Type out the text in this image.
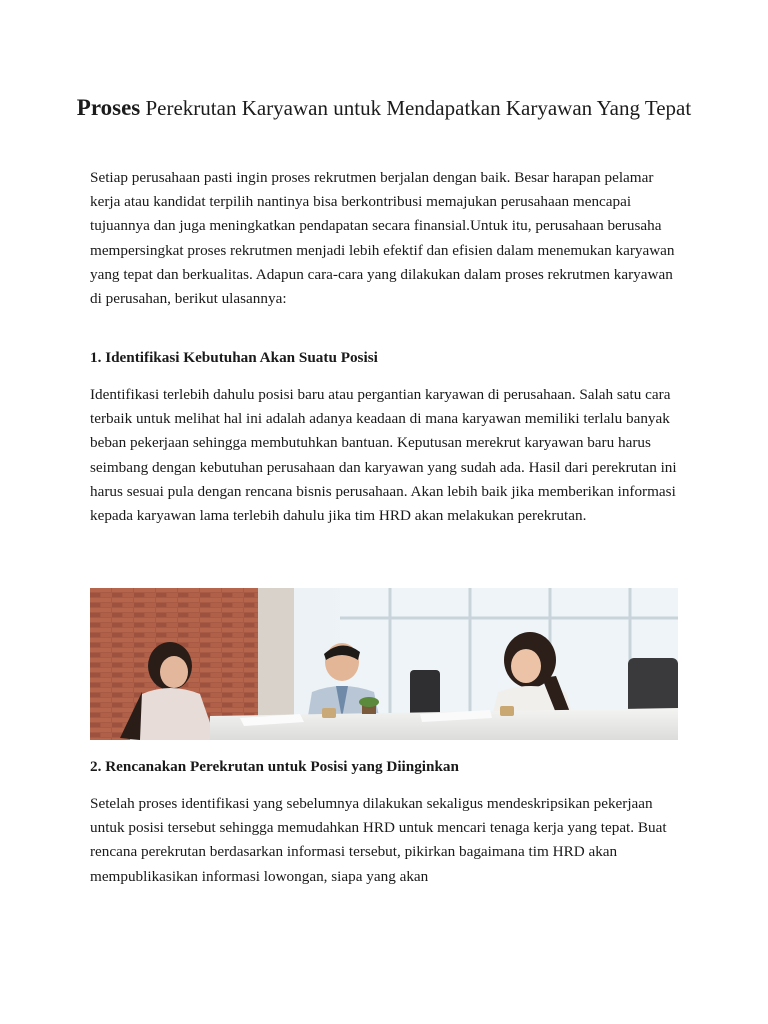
Proses Perekrutan Karyawan untuk Mendapatkan Karyawan Yang Tepat

Setiap perusahaan pasti ingin proses rekrutmen berjalan dengan baik. Besar harapan pelamar kerja atau kandidat terpilih nantinya bisa berkontribusi memajukan perusahaan mencapai tujuannya dan juga meningkatkan pendapatan secara finansial.Untuk itu, perusahaan berusaha mempersingkat proses rekrutmen menjadi lebih efektif dan efisien dalam menemukan karyawan yang tepat dan berkualitas. Adapun cara-cara yang dilakukan dalam proses rekrutmen karyawan di perusahan, berikut ulasannya:

1. Identifikasi Kebutuhan Akan Suatu Posisi

Identifikasi terlebih dahulu posisi baru atau pergantian karyawan di perusahaan. Salah satu cara terbaik untuk melihat hal ini adalah adanya keadaan di mana karyawan memiliki terlalu banyak beban pekerjaan sehingga membutuhkan bantuan. Keputusan merekrut karyawan baru harus seimbang dengan kebutuhan perusahaan dan karyawan yang sudah ada. Hasil dari perekrutan ini harus sesuai pula dengan rencana bisnis perusahaan. Akan lebih baik jika memberikan informasi kepada karyawan lama terlebih dahulu jika tim HRD akan melakukan perekrutan.

2. Rencanakan Perekrutan untuk Posisi yang Diinginkan

Setelah proses identifikasi yang sebelumnya dilakukan sekaligus mendeskripsikan pekerjaan untuk posisi tersebut sehingga memudahkan HRD untuk mencari tenaga kerja yang tepat. Buat rencana perekrutan berdasarkan informasi tersebut, pikirkan bagaimana tim HRD akan mempublikasikan informasi lowongan, siapa yang akan
